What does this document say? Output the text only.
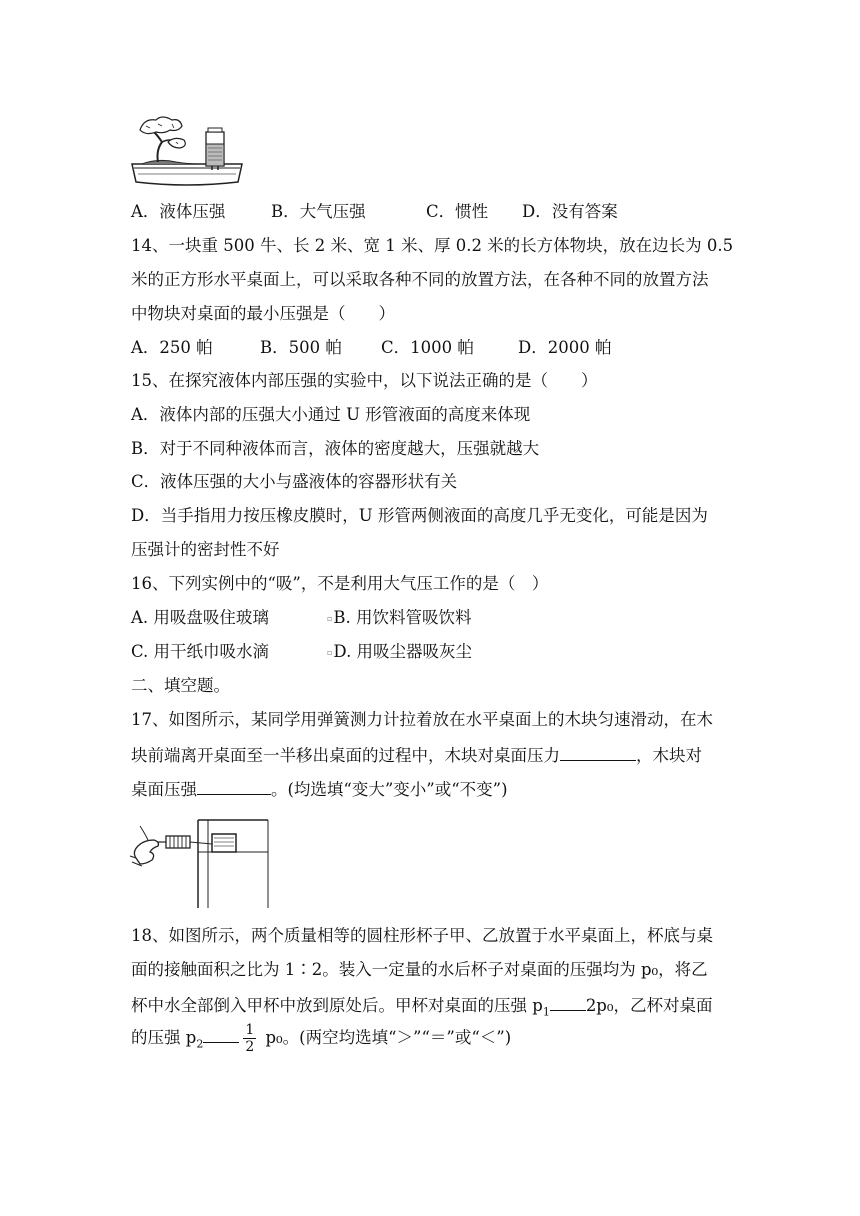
A．液体压强	B．大气压强	C．惯性 D．没有答案
14、一块重 500 牛、长 2 米、宽 1 米、厚 0.2 米的长方体物块，放在边长为 0.5
米的正方形水平桌面上，可以采取各种不同的放置方法，在各种不同的放置方法
中物块对桌面的最小压强是（　　）
A．250 帕	B．500 帕 C．1000 帕	D．2000 帕
15、在探究液体内部压强的实验中，以下说法正确的是（　　）
A．液体内部的压强大小通过 U 形管液面的高度来体现
B．对于不同种液体而言，液体的密度越大，压强就越大
C．液体压强的大小与盛液体的容器形状有关
D．当手指用力按压橡皮膜时，U 形管两侧液面的高度几乎无变化，可能是因为
压强计的密封性不好
16、下列实例中的“吸”，不是利用大气压工作的是（　）
A. 用吸盘吸住玻璃	▫B. 用饮料管吸饮料
C. 用干纸巾吸水滴	▫D. 用吸尘器吸灰尘
二、填空题。
17、如图所示，某同学用弹簧测力计拉着放在水平桌面上的木块匀速滑动，在木
块前端离开桌面至一半移出桌面的过程中，木块对桌面压力	，木块对
桌面压强	。(均选填“变大”变小”或“不变”)
18、如图所示，两个质量相等的圆柱形杯子甲、乙放置于水平桌面上，杯底与桌
面的接触面积之比为 1∶2。装入一定量的水后杯子对桌面的压强均为 p₀，将乙
杯中水全部倒入甲杯中放到原处后。甲杯对桌面的压强 $p_1$ 2p₀，乙杯对桌面
的压强 $p_2$	$\frac{1}{2} p_0$。(两空均选填“＞”“＝”或“＜”)
